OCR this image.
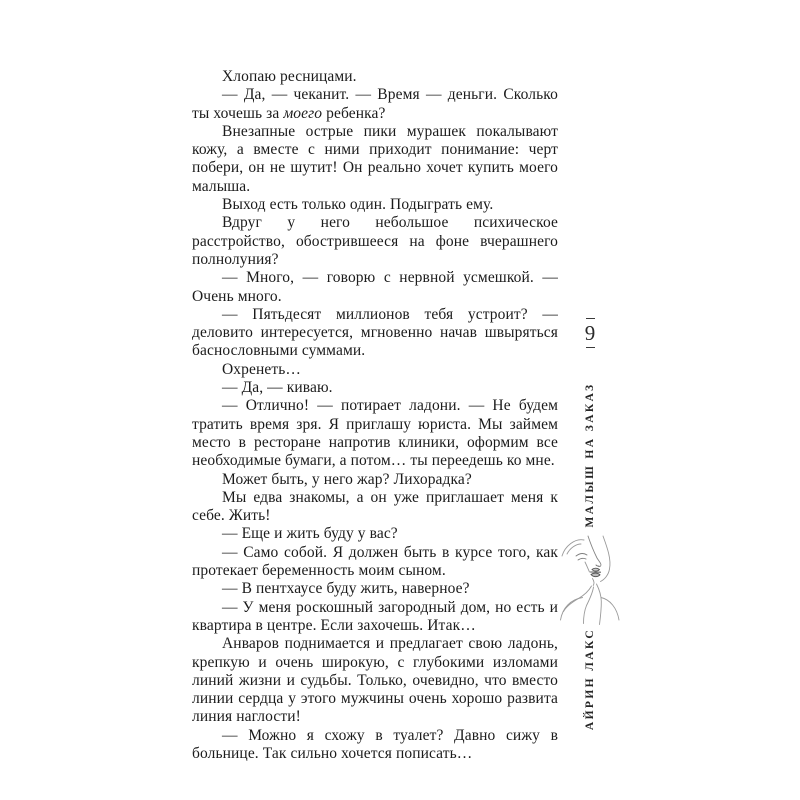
Хлопаю ресницами.

— Да, — чеканит. — Время — деньги. Сколько ты хочешь за моего ребенка?

Внезапные острые пики мурашек покалывают кожу, а вместе с ними приходит понимание: черт побери, он не шутит! Он реально хочет купить моего малыша.

Выход есть только один. Подыграть ему.

Вдруг у него небольшое психическое расстройство, обострившееся на фоне вчерашнего полнолуния?

— Много, — говорю с нервной усмешкой. — Очень много.

— Пятьдесят миллионов тебя устроит? — деловито интересуется, мгновенно начав швыряться баснословными суммами.

Охренеть…

— Да, — киваю.

— Отлично! — потирает ладони. — Не будем тратить время зря. Я приглашу юриста. Мы займем место в ресторане напротив клиники, оформим все необходимые бумаги, а потом… ты переедешь ко мне.

Может быть, у него жар? Лихорадка?

Мы едва знакомы, а он уже приглашает меня к себе. Жить!

— Еще и жить буду у вас?

— Само собой. Я должен быть в курсе того, как протекает беременность моим сыном.

— В пентхаусе буду жить, наверное?

— У меня роскошный загородный дом, но есть и квартира в центре. Если захочешь. Итак…

Анваров поднимается и предлагает свою ладонь, крепкую и очень широкую, с глубокими изломами линий жизни и судьбы. Только, очевидно, что вместо линии сердца у этого мужчины очень хорошо развита линия наглости!

— Можно я схожу в туалет? Давно сижу в больнице. Так сильно хочется пописать…

9
МАЛЫШ НА ЗАКАЗ
АЙРИН ЛАКС
